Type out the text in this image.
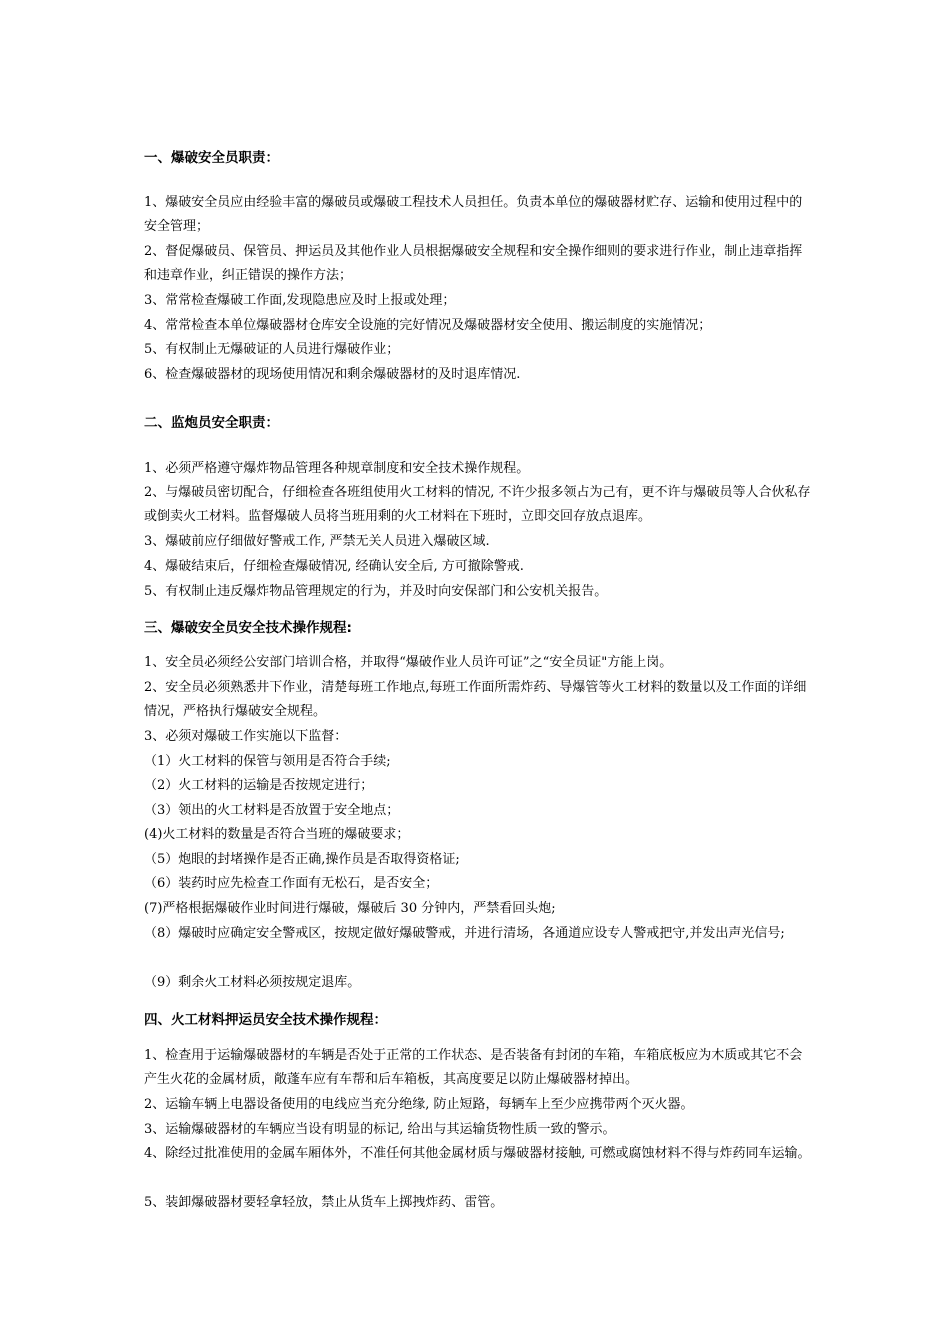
一、爆破安全员职责：
1、爆破安全员应由经验丰富的爆破员或爆破工程技术人员担任。负责本单位的爆破器材贮存、运输和使用过程中的安全管理；
2、督促爆破员、保管员、押运员及其他作业人员根据爆破安全规程和安全操作细则的要求进行作业，制止违章指挥和违章作业，纠正错误的操作方法；
3、常常检查爆破工作面,发现隐患应及时上报或处理；
4、常常检查本单位爆破器材仓库安全设施的完好情况及爆破器材安全使用、搬运制度的实施情况；
5、有权制止无爆破证的人员进行爆破作业；
6、检查爆破器材的现场使用情况和剩余爆破器材的及时退库情况.
二、监炮员安全职责：
1、必须严格遵守爆炸物品管理各种规章制度和安全技术操作规程。
2、与爆破员密切配合，仔细检查各班组使用火工材料的情况, 不许少报多领占为己有，更不许与爆破员等人合伙私存或倒卖火工材料。监督爆破人员将当班用剩的火工材料在下班时，立即交回存放点退库。
3、爆破前应仔细做好警戒工作, 严禁无关人员进入爆破区域.
4、爆破结束后，仔细检查爆破情况, 经确认安全后, 方可撤除警戒.
5、有权制止违反爆炸物品管理规定的行为，并及时向安保部门和公安机关报告。
三、爆破安全员安全技术操作规程:
1、安全员必须经公安部门培训合格，并取得“爆破作业人员许可证”之“安全员证"方能上岗。
2、安全员必须熟悉井下作业，清楚每班工作地点,每班工作面所需炸药、导爆管等火工材料的数量以及工作面的详细情况，严格执行爆破安全规程。
3、必须对爆破工作实施以下监督：
（1）火工材料的保管与领用是否符合手续;
（2）火工材料的运输是否按规定进行；
（3）领出的火工材料是否放置于安全地点；
(4)火工材料的数量是否符合当班的爆破要求；
（5）炮眼的封堵操作是否正确,操作员是否取得资格证;
（6）装药时应先检查工作面有无松石，是否安全；
(7)严格根据爆破作业时间进行爆破，爆破后 30 分钟内，严禁看回头炮;
（8）爆破时应确定安全警戒区，按规定做好爆破警戒，并进行清场，各通道应设专人警戒把守,并发出声光信号;
（9）剩余火工材料必须按规定退库。
四、火工材料押运员安全技术操作规程：
1、检查用于运输爆破器材的车辆是否处于正常的工作状态、是否装备有封闭的车箱，车箱底板应为木质或其它不会产生火花的金属材质，敞蓬车应有车帮和后车箱板，其高度要足以防止爆破器材掉出。
2、运输车辆上电器设备使用的电线应当充分绝缘, 防止短路，每辆车上至少应携带两个灭火器。
3、运输爆破器材的车辆应当设有明显的标记, 给出与其运输货物性质一致的警示。
4、除经过批准使用的金属车厢体外，不准任何其他金属材质与爆破器材接触, 可燃或腐蚀材料不得与炸药同车运输。
5、装卸爆破器材要轻拿轻放，禁止从货车上掷拽炸药、雷管。
